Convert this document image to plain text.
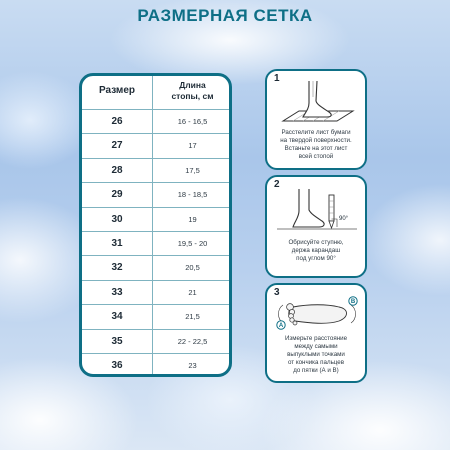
РАЗМЕРНАЯ СЕТКА
Размер	Длина
стопы, см
26	16 - 16,5
27	17
28	17,5
29	18 - 18,5
30	19
31	19,5 - 20
32	20,5
33	21
34	21,5
35	22 - 22,5
36	23
1
Расстелите лист бумаги
на твердой поверхности.
Встаньте на этот лист
всей стопой
2
90°
Обрисуйте ступню,
держа карандаш
под углом 90°
3
A
B
Измерьте расстояние
между самыми
выпуклыми точками
от кончика пальцев
до пятки (А и В)
